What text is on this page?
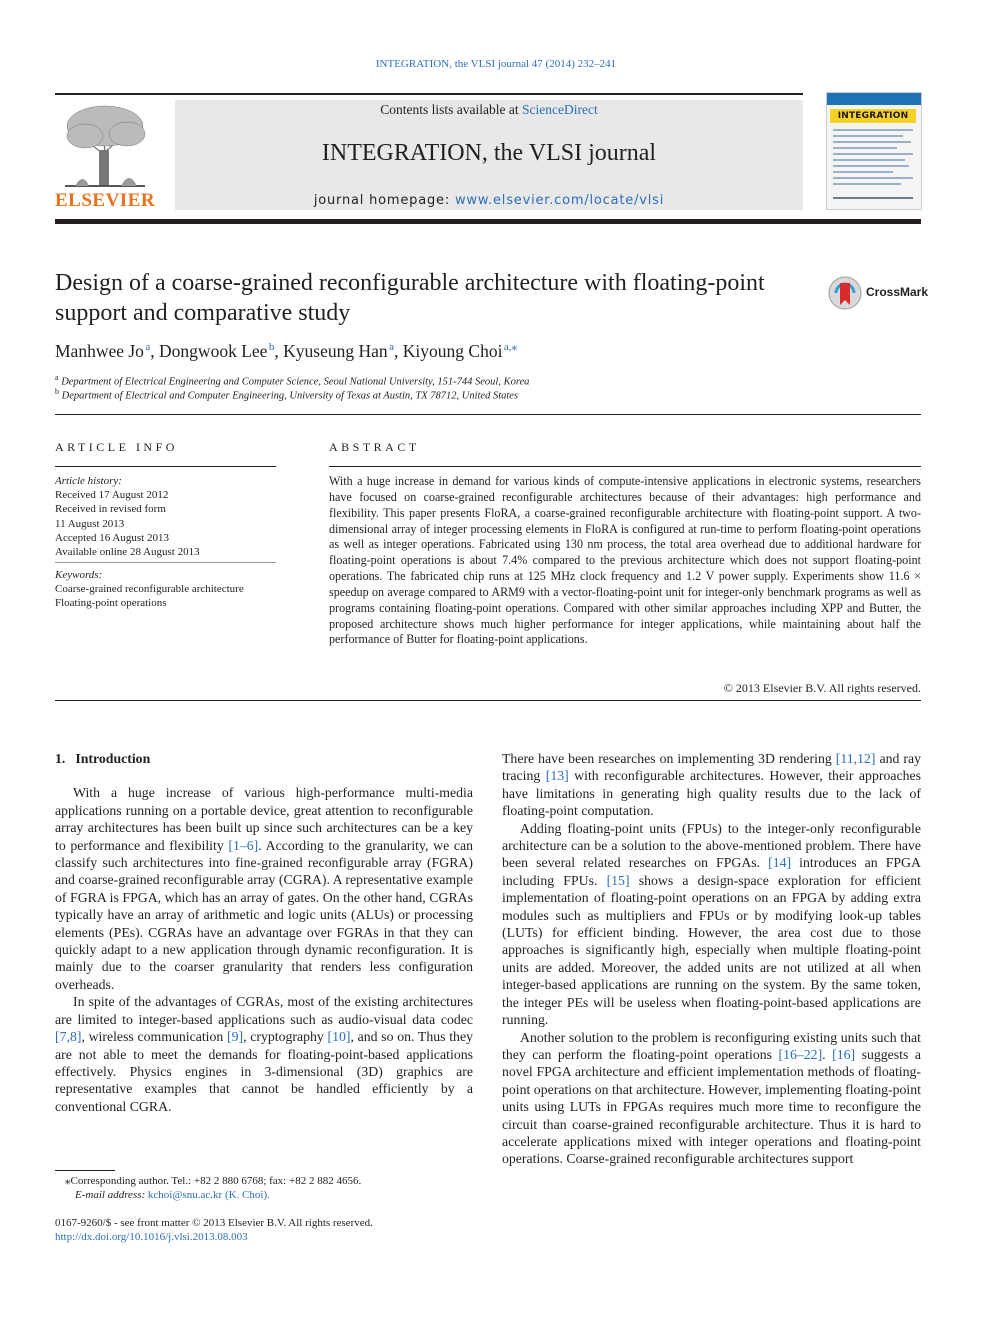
INTEGRATION, the VLSI journal 47 (2014) 232–241
ELSEVIER
Contents lists available at ScienceDirect
INTEGRATION, the VLSI journal
journal homepage: www.elsevier.com/locate/vlsi
INTEGRATION
Design of a coarse-grained reconfigurable architecture with floating-point support and comparative study
CrossMark
Manhwee Jo $^a$, Dongwook Lee $^b$, Kyuseung Han $^a$, Kiyoung Choi $^{a,⁎}$
$^a$ Department of Electrical Engineering and Computer Science, Seoul National University, 151-744 Seoul, Korea
$^b$ Department of Electrical and Computer Engineering, University of Texas at Austin, TX 78712, United States
ARTICLE INFO	ABSTRACT
Article history:
Received 17 August 2012
Received in revised form
11 August 2013
Accepted 16 August 2013
Available online 28 August 2013
Keywords:
Coarse-grained reconfigurable architecture
Floating-point operations
With a huge increase in demand for various kinds of compute-intensive applications in electronic systems, researchers have focused on coarse-grained reconfigurable architectures because of their advantages: high performance and flexibility. This paper presents FloRA, a coarse-grained reconfigurable architecture with floating-point support. A two-dimensional array of integer processing elements in FloRA is configured at run-time to perform floating-point operations as well as integer operations. Fabricated using 130 nm process, the total area overhead due to additional hardware for floating-point operations is about 7.4% compared to the previous architecture which does not support floating-point operations. The fabricated chip runs at 125 MHz clock frequency and 1.2 V power supply. Experiments show 11.6 × speedup on average compared to ARM9 with a vector-floating-point unit for integer-only benchmark programs as well as programs containing floating-point operations. Compared with other similar approaches including XPP and Butter, the proposed architecture shows much higher performance for integer applications, while maintaining about half the performance of Butter for floating-point applications.
© 2013 Elsevier B.V. All rights reserved.

1. Introduction

With a huge increase of various high-performance multi-media applications running on a portable device, great attention to reconfigurable array architectures has been built up since such architectures can be a key to performance and flexibility [1–6]. According to the granularity, we can classify such architectures into fine-grained reconfigurable array (FGRA) and coarse-grained reconfigurable array (CGRA). A representative example of FGRA is FPGA, which has an array of gates. On the other hand, CGRAs typically have an array of arithmetic and logic units (ALUs) or processing elements (PEs). CGRAs have an advantage over FGRAs in that they can quickly adapt to a new application through dynamic reconfiguration. It is mainly due to the coarser granularity that renders less configuration overheads.

In spite of the advantages of CGRAs, most of the existing architectures are limited to integer-based applications such as audio-visual data codec [7,8], wireless communication [9], cryptography [10], and so on. Thus they are not able to meet the demands for floating-point-based applications effectively. Physics engines in 3-dimensional (3D) graphics are representative examples that cannot be handled efficiently by a conventional CGRA.

There have been researches on implementing 3D rendering [11,12] and ray tracing [13] with reconfigurable architectures. However, their approaches have limitations in generating high quality results due to the lack of floating-point computation.

Adding floating-point units (FPUs) to the integer-only reconfigurable architecture can be a solution to the above-mentioned problem. There have been several related researches on FPGAs. [14] introduces an FPGA including FPUs. [15] shows a design-space exploration for efficient implementation of floating-point operations on an FPGA by adding extra modules such as multipliers and FPUs or by modifying look-up tables (LUTs) for efficient binding. However, the area cost due to those approaches is significantly high, especially when multiple floating-point units are added. Moreover, the added units are not utilized at all when integer-based applications are running on the system. By the same token, the integer PEs will be useless when floating-point-based applications are running.

Another solution to the problem is reconfiguring existing units such that they can perform the floating-point operations [16–22]. [16] suggests a novel FPGA architecture and efficient implementation methods of floating-point operations on that architecture. However, implementing floating-point units using LUTs in FPGAs requires much more time to reconfigure the circuit than coarse-grained reconfigurable architecture. Thus it is hard to accelerate applications mixed with integer operations and floating-point operations. Coarse-grained reconfigurable architectures support

⁎Corresponding author. Tel.: +82 2 880 6768; fax: +82 2 882 4656.
E-mail address: kchoi@snu.ac.kr (K. Choi).
0167-9260/$ - see front matter © 2013 Elsevier B.V. All rights reserved.
http://dx.doi.org/10.1016/j.vlsi.2013.08.003
